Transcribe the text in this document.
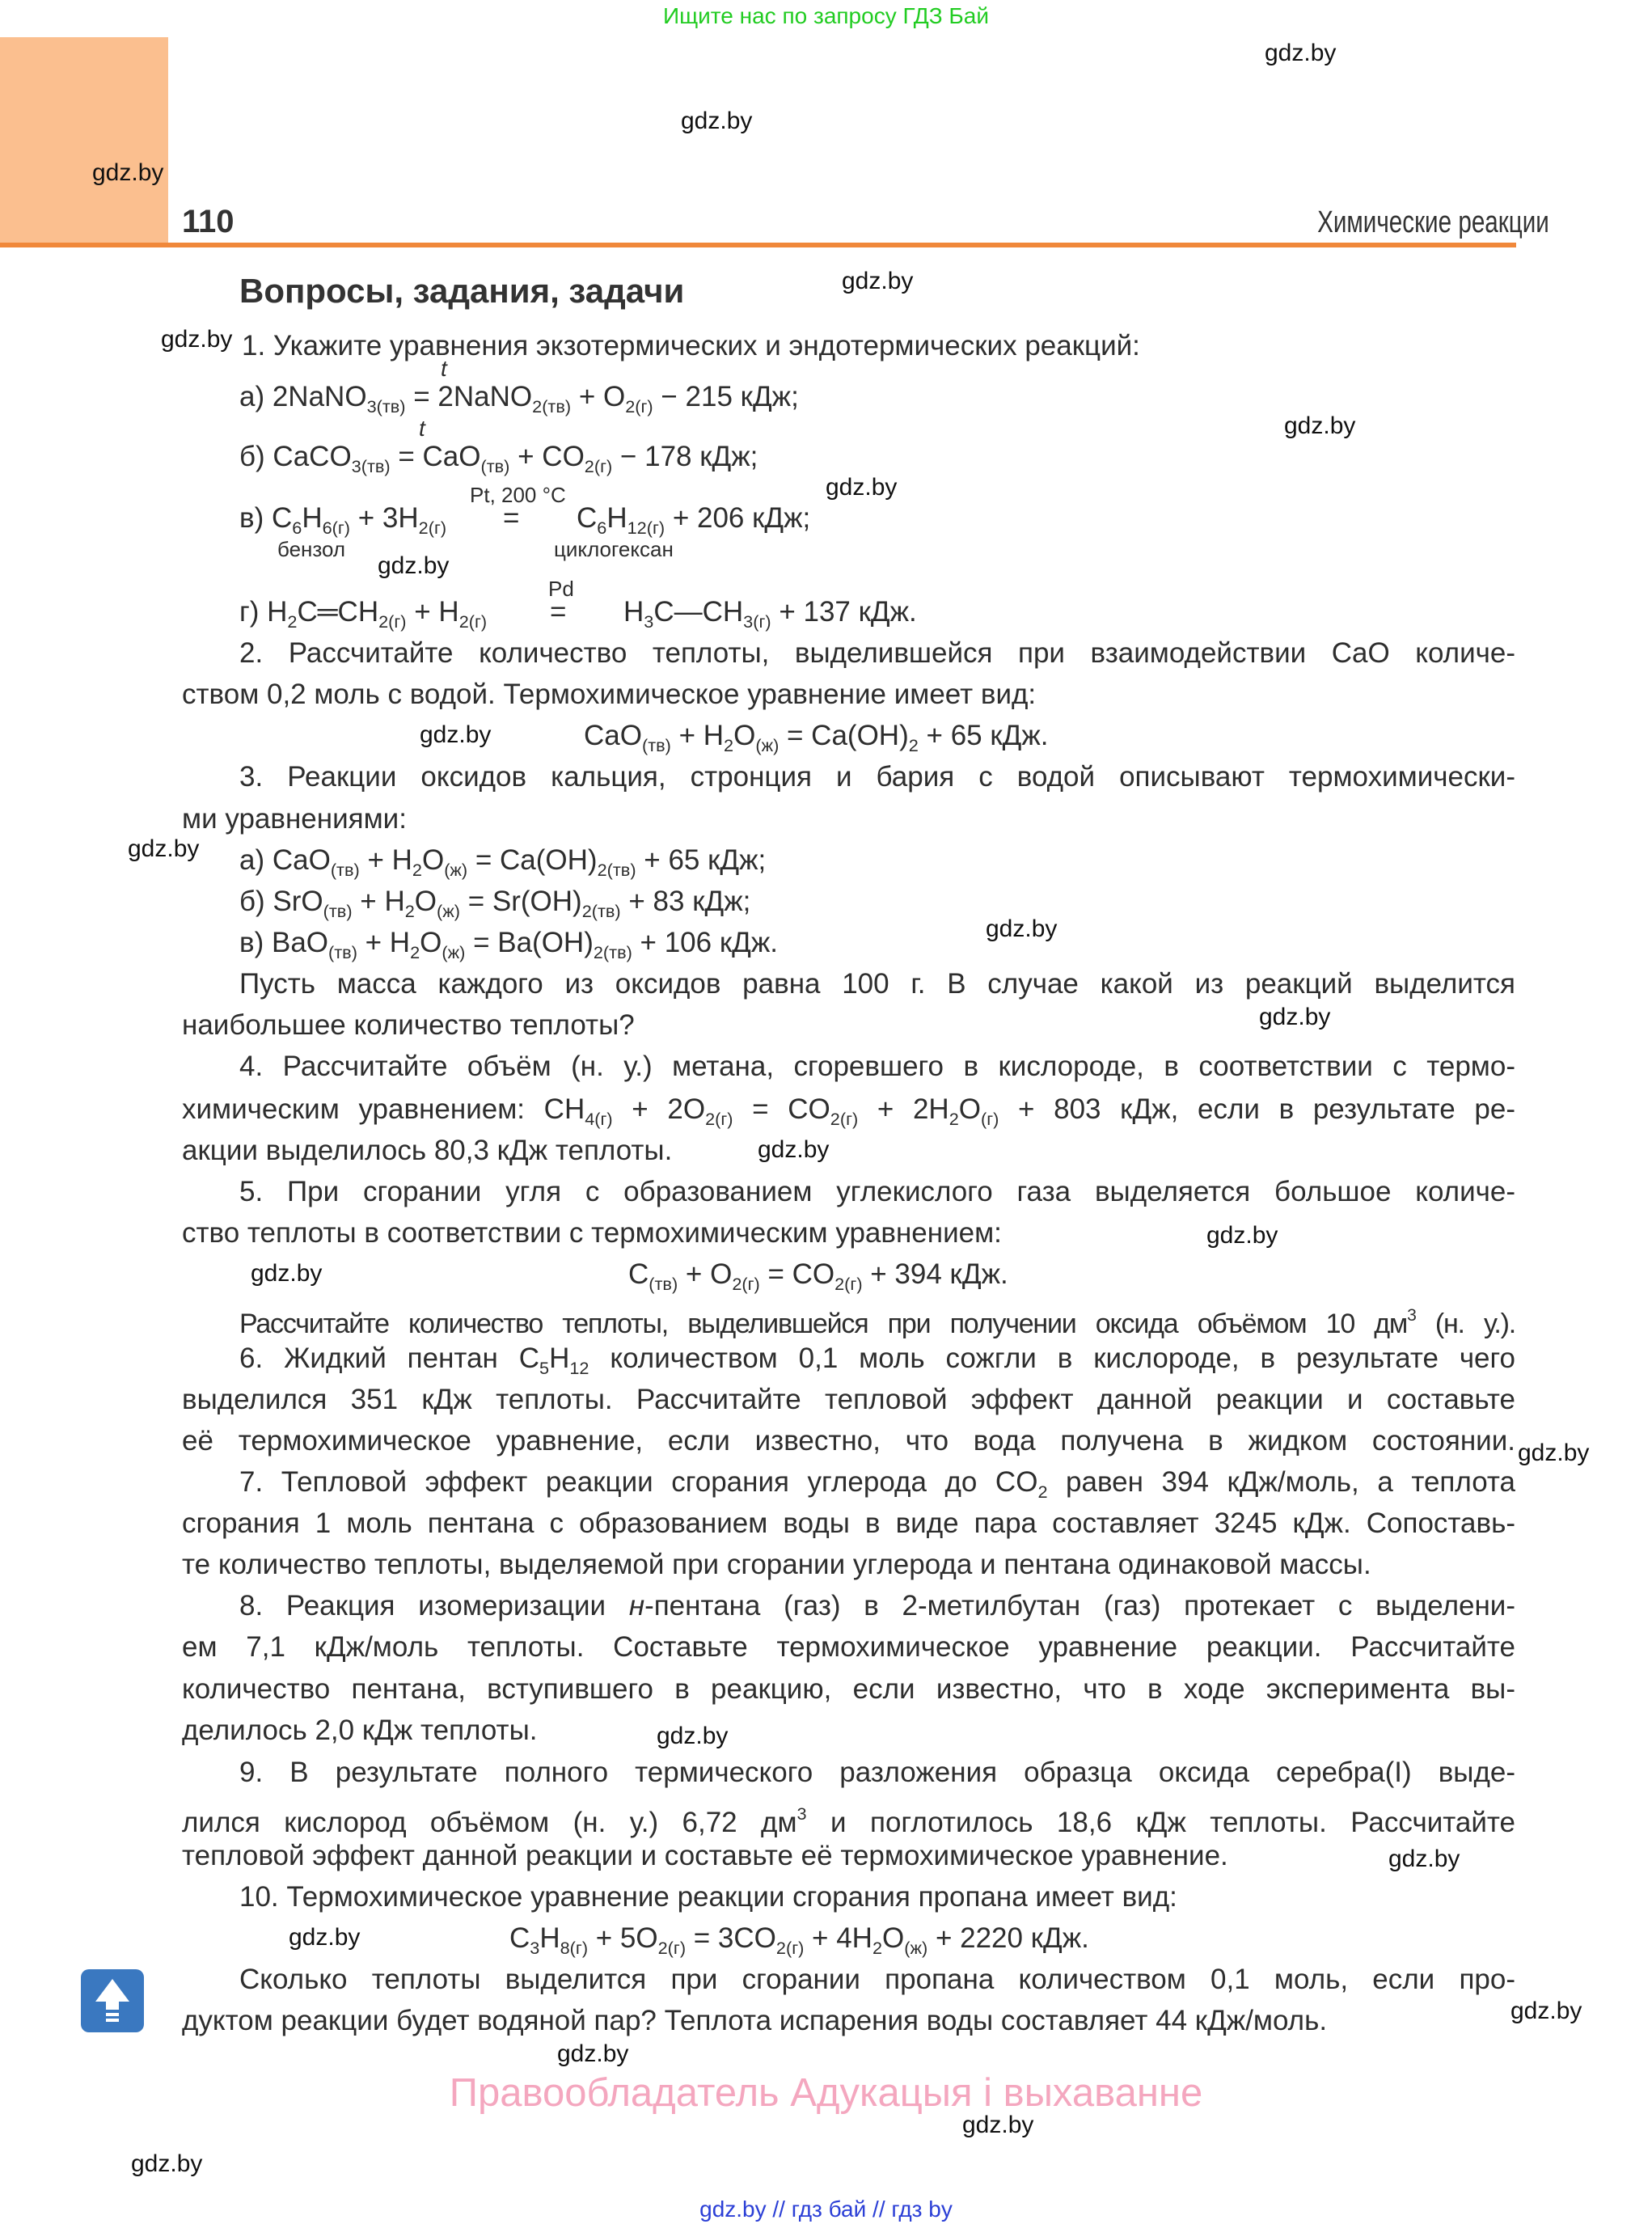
Ищите нас по запросу ГДЗ Бай
110	Химические реакции
Вопросы, задания, задачи
1. Укажите уравнения экзотермических и эндотермических реакций:
а) 2NaNO$_{3(тв)}$ = 2NaNO$_{2(тв)}$ + $O_{2(г)} - 215$ кДж;
t
б) CaCO$_{3(тв)}$ = $CaO_{(тв)} + CO_{2(г)} - 178$ кДж;
t
в) $C_6H_{6(г)} + 3H_{2(г)} = C_6H_{12(г)} + 206$ кДж;
Pt, 200 °C
бензол	циклогексан
г) $H_2C═CH_{2(г)} + H_{2(г)}$ = $H_3C—CH_{3(г)} + 137$ кДж.
Pd
2. Рассчитайте количество теплоты, выделившейся при взаимодействии CaO количе-
ством 0,2 моль с водой. Термохимическое уравнение имеет вид:
$CaO_{(тв)} + H_2O_{(ж)} = Ca(OH)_2 + 65$ кДж.
3. Реакции оксидов кальция, стронция и бария с водой описывают термохимически-
ми уравнениями:
а) $CaO_{(тв)} + H_2O_{(ж)} = Ca(OH)_{2(тв)} + 65$ кДж;
б) $SrO_{(тв)} + H_2O_{(ж)} = Sr(OH)_{2(тв)} + 83$ кДж;
в) $BaO_{(тв)} + H_2O_{(ж)} = Ba(OH)_{2(тв)} + 106$ кДж.
Пусть масса каждого из оксидов равна 100 г. В случае какой из реакций выделится
наибольшее количество теплоты?
4. Рассчитайте объём (н. у.) метана, сгоревшего в кислороде, в соответствии с термо-
химическим уравнением: $CH_{4(г)} + 2O_{2(г)} = CO_{2(г)} + 2H_2O_{(г)} + 803$ кДж, если в результате ре-
акции выделилось 80,3 кДж теплоты.
5. При сгорании угля с образованием углекислого газа выделяется большое количе-
ство теплоты в соответствии с термохимическим уравнением:
$C_{(тв)} + O_{2(г)} = CO_{2(г)} + 394$ кДж.
Рассчитайте количество теплоты, выделившейся при получении оксида объёмом 10 $дм^3$ (н. у.).
6. Жидкий пентан $C_5H_{12}$ количеством 0,1 моль сожгли в кислороде, в результате чего
выделился 351 кДж теплоты. Рассчитайте тепловой эффект данной реакции и составьте
её термохимическое уравнение, если известно, что вода получена в жидком состоянии.
7. Тепловой эффект реакции сгорания углерода до $CO_2$ равен 394 кДж/моль, а теплота
сгорания 1 моль пентана с образованием воды в виде пара составляет 3245 кДж. Сопоставь-
те количество теплоты, выделяемой при сгорании углерода и пентана одинаковой массы.
8. Реакция изомеризации н-пентана (газ) в 2-метилбутан (газ) протекает с выделени-
ем 7,1 кДж/моль теплоты. Составьте термохимическое уравнение реакции. Рассчитайте
количество пентана, вступившего в реакцию, если известно, что в ходе эксперимента вы-
делилось 2,0 кДж теплоты.
9. В результате полного термического разложения образца оксида серебра(I) выде-
лился кислород объёмом (н. у.) 6,72 $дм^3$ и поглотилось 18,6 кДж теплоты. Рассчитайте
тепловой эффект данной реакции и составьте её термохимическое уравнение.
10. Термохимическое уравнение реакции сгорания пропана имеет вид:
$C_3H_{8(г)} + 5O_{2(г)} = 3CO_{2(г)} + 4H_2O_{(ж)} + 2220$ кДж.
Сколько теплоты выделится при сгорании пропана количеством 0,1 моль, если про-
дуктом реакции будет водяной пар? Теплота испарения воды составляет 44 кДж/моль.
gdz.by
gdz.by
gdz.by
gdz.by
gdz.by
gdz.by
gdz.by
gdz.by
gdz.by
gdz.by
gdz.by
gdz.by
gdz.by
gdz.by
gdz.by
gdz.by
gdz.by
gdz.by
gdz.by
gdz.by
gdz.by
gdz.by
gdz.by
Правообладатель Адукацыя і выхаванне
gdz.by // гдз бай // гдз by
